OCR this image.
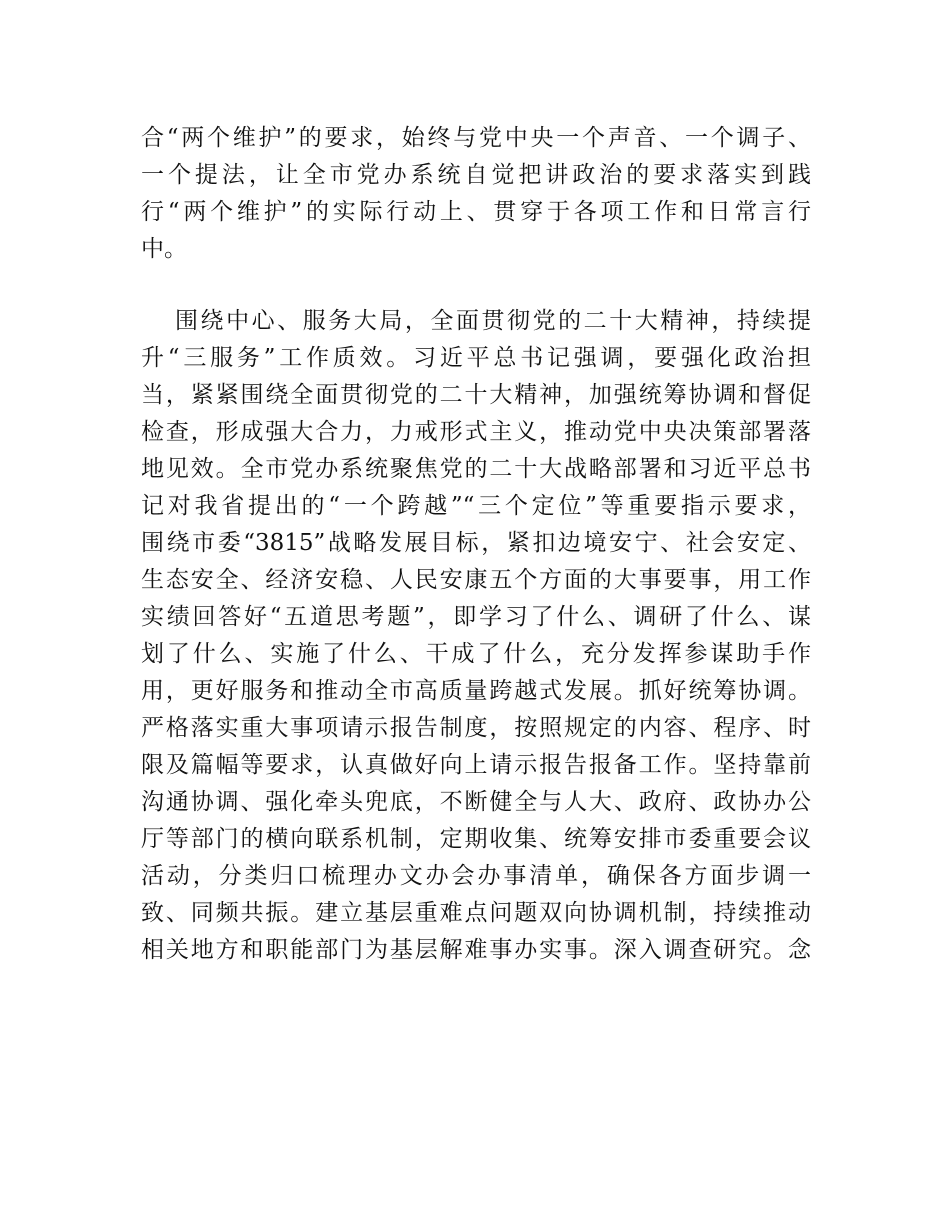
合“两个维护”的要求，始终与党中央一个声音、一个调子、
一个提法，让全市党办系统自觉把讲政治的要求落实到践
行“两个维护”的实际行动上、贯穿于各项工作和日常言行
中。
围绕中心、服务大局，全面贯彻党的二十大精神，持续提
升“三服务”工作质效。习近平总书记强调，要强化政治担
当，紧紧围绕全面贯彻党的二十大精神，加强统筹协调和督促
检查，形成强大合力，力戒形式主义，推动党中央决策部署落
地见效。全市党办系统聚焦党的二十大战略部署和习近平总书
记对我省提出的“一个跨越”“三个定位”等重要指示要求，
围绕市委“3815”战略发展目标，紧扣边境安宁、社会安定、
生态安全、经济安稳、人民安康五个方面的大事要事，用工作
实绩回答好“五道思考题”，即学习了什么、调研了什么、谋
划了什么、实施了什么、干成了什么，充分发挥参谋助手作
用，更好服务和推动全市高质量跨越式发展。抓好统筹协调。
严格落实重大事项请示报告制度，按照规定的内容、程序、时
限及篇幅等要求，认真做好向上请示报告报备工作。坚持靠前
沟通协调、强化牵头兜底，不断健全与人大、政府、政协办公
厅等部门的横向联系机制，定期收集、统筹安排市委重要会议
活动，分类归口梳理办文办会办事清单，确保各方面步调一
致、同频共振。建立基层重难点问题双向协调机制，持续推动
相关地方和职能部门为基层解难事办实事。深入调查研究。念
